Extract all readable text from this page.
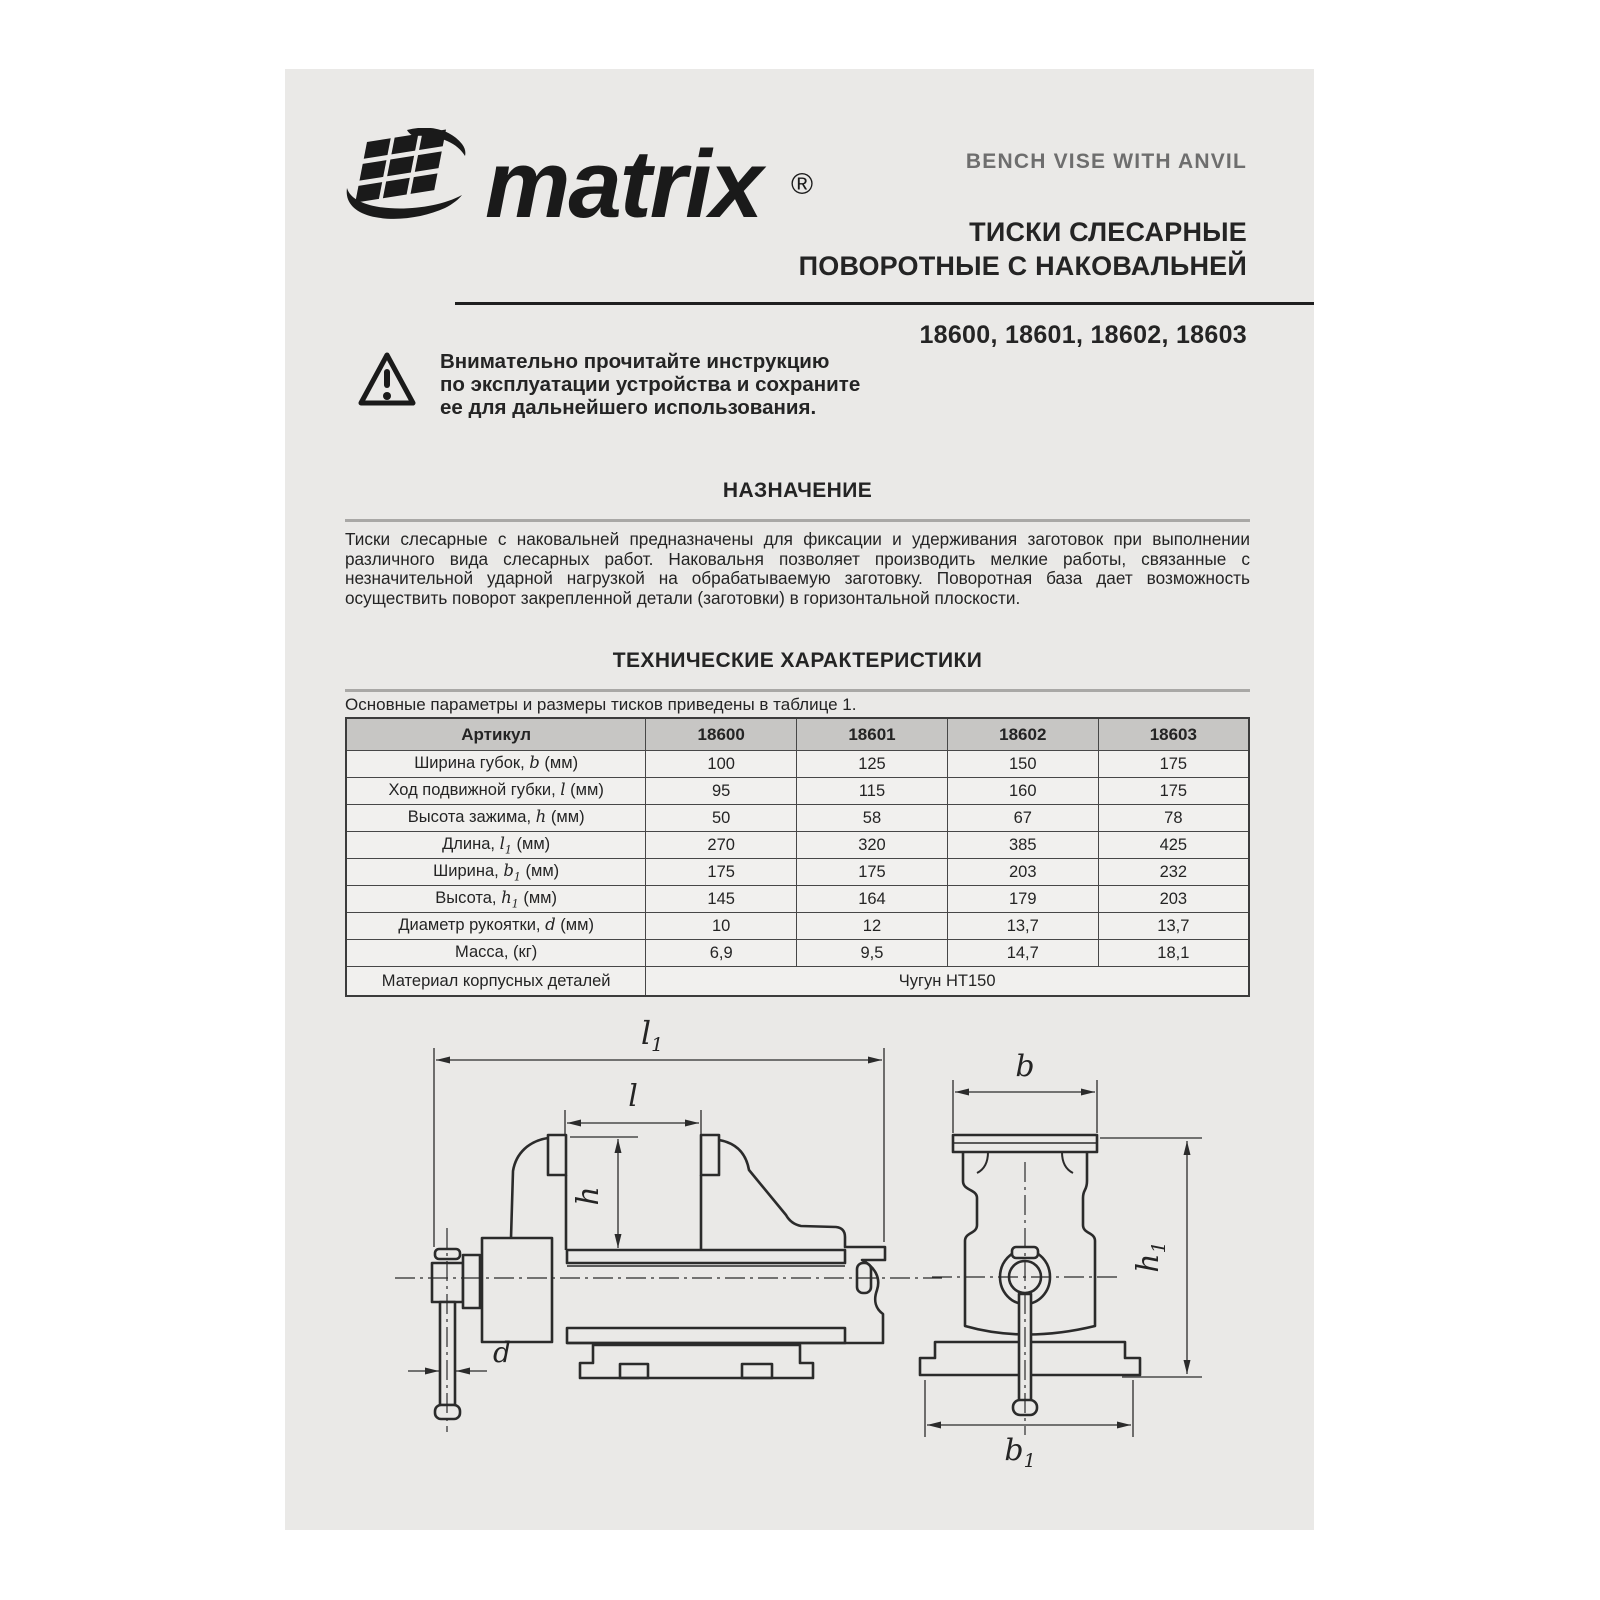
matrix ®
BENCH VISE WITH ANVIL
ТИСКИ СЛЕСАРНЫЕ
ПОВОРОТНЫЕ С НАКОВАЛЬНЕЙ
18600, 18601, 18602, 18603
Внимательно прочитайте инструкцию
по эксплуатации устройства и сохраните
ее для дальнейшего использования.
НАЗНАЧЕНИЕ
Тиски слесарные с наковальней предназначены для фиксации и удерживания заготовок при выполнении различного вида слесарных работ. Наковальня позволяет производить мелкие работы, связанные с незначительной ударной нагрузкой на обрабатываемую заготовку. Поворотная база дает возможность осуществить поворот закрепленной детали (заготовки) в горизонтальной плоскости.
ТЕХНИЧЕСКИЕ ХАРАКТЕРИСТИКИ
Основные параметры и размеры тисков приведены в таблице 1.
Артикул	18600	18601	18602	18603
Ширина губок, b (мм)	100	125	150	175
Ход подвижной губки, l (мм)	95	115	160	175
Высота зажима, h (мм)	50	58	67	78
Длина, $l_1$ (мм)	270	320	385	425
Ширина, $b_1$ (мм)	175	175	203	232
Высота, $h_1$ (мм)	145	164	179	203
Диаметр рукоятки, d (мм)	10	12	13,7	13,7
Масса, (кг)	6,9	9,5	14,7	18,1
Материал корпусных деталей	Чугун НТ150			
$l_1$
l
h
d
b
$h_1$
$b_1$
